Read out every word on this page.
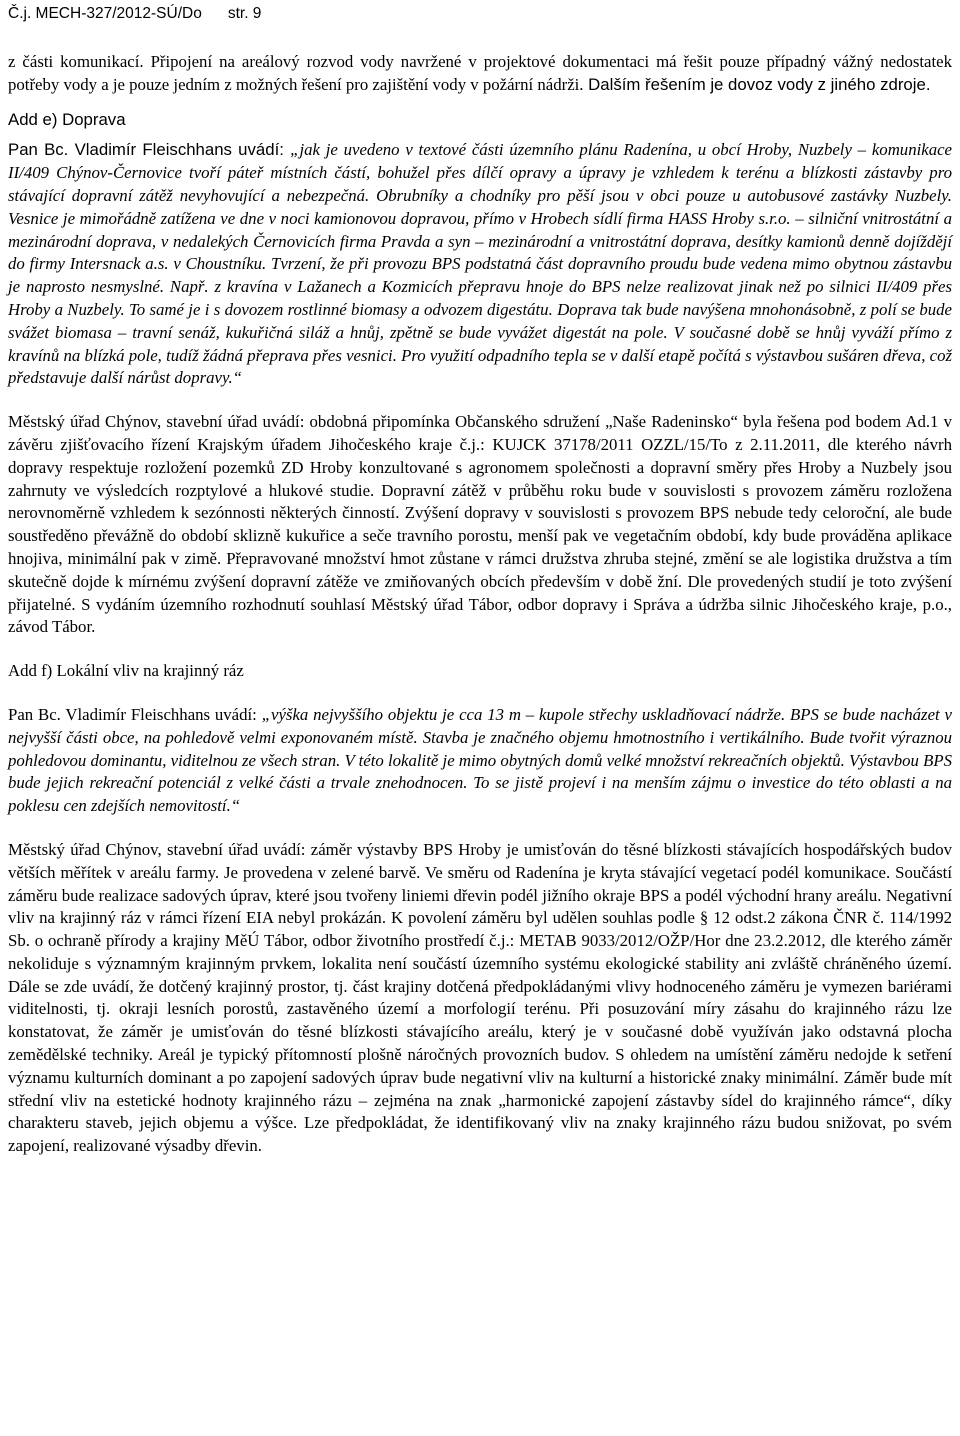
Č.j. MECH-327/2012-SÚ/Do str. 9

z části komunikací. Připojení na areálový rozvod vody navržené v projektové dokumentaci má řešit pouze případný vážný nedostatek potřeby vody a je pouze jedním z možných řešení pro zajištění vody v požární nádrži. Dalším řešením je dovoz vody z jiného zdroje.

Add e) Doprava

Pan Bc. Vladimír Fleischhans uvádí: „jak je uvedeno v textové části územního plánu Radenína, u obcí Hroby, Nuzbely – komunikace II/409 Chýnov-Černovice tvoří páteř místních částí, bohužel přes dílčí opravy a úpravy je vzhledem k terénu a blízkosti zástavby pro stávající dopravní zátěž nevyhovující a nebezpečná. Obrubníky a chodníky pro pěší jsou v obci pouze u autobusové zastávky Nuzbely. Vesnice je mimořádně zatížena ve dne v noci kamionovou dopravou, přímo v Hrobech sídlí firma HASS Hroby s.r.o. – silniční vnitrostátní a mezinárodní doprava, v nedalekých Černovicích firma Pravda a syn – mezinárodní a vnitrostátní doprava, desítky kamionů denně dojíždějí do firmy Intersnack a.s. v Choustníku. Tvrzení, že při provozu BPS podstatná část dopravního proudu bude vedena mimo obytnou zástavbu je naprosto nesmyslné. Např. z kravína v Lažanech a Kozmicích přepravu hnoje do BPS nelze realizovat jinak než po silnici II/409 přes Hroby a Nuzbely. To samé je i s dovozem rostlinné biomasy a odvozem digestátu. Doprava tak bude navýšena mnohonásobně, z polí se bude svážet biomasa – travní senáž, kukuřičná siláž a hnůj, zpětně se bude vyvážet digestát na pole. V současné době se hnůj vyváží přímo z kravínů na blízká pole, tudíž žádná přeprava přes vesnici. Pro využití odpadního tepla se v další etapě počítá s výstavbou sušáren dřeva, což představuje další nárůst dopravy.“

Městský úřad Chýnov, stavební úřad uvádí: obdobná připomínka Občanského sdružení „Naše Radeninsko“ byla řešena pod bodem Ad.1 v závěru zjišťovacího řízení Krajským úřadem Jihočeského kraje č.j.: KUJCK 37178/2011 OZZL/15/To z 2.11.2011, dle kterého návrh dopravy respektuje rozložení pozemků ZD Hroby konzultované s agronomem společnosti a dopravní směry přes Hroby a Nuzbely jsou zahrnuty ve výsledcích rozptylové a hlukové studie. Dopravní zátěž v průběhu roku bude v souvislosti s provozem záměru rozložena nerovnoměrně vzhledem k sezónnosti některých činností. Zvýšení dopravy v souvislosti s provozem BPS nebude tedy celoroční, ale bude soustředěno převážně do období sklizně kukuřice a seče travního porostu, menší pak ve vegetačním období, kdy bude prováděna aplikace hnojiva, minimální pak v zimě. Přepravované množství hmot zůstane v rámci družstva zhruba stejné, změní se ale logistika družstva a tím skutečně dojde k mírnému zvýšení dopravní zátěže ve zmiňovaných obcích především v době žní. Dle provedených studií je toto zvýšení přijatelné. S vydáním územního rozhodnutí souhlasí Městský úřad Tábor, odbor dopravy i Správa a údržba silnic Jihočeského kraje, p.o., závod Tábor.

Add f) Lokální vliv na krajinný ráz

Pan Bc. Vladimír Fleischhans uvádí: „výška nejvyššího objektu je cca 13 m – kupole střechy uskladňovací nádrže. BPS se bude nacházet v nejvyšší části obce, na pohledově velmi exponovaném místě. Stavba je značného objemu hmotnostního i vertikálního. Bude tvořit výraznou pohledovou dominantu, viditelnou ze všech stran. V této lokalitě je mimo obytných domů velké množství rekreačních objektů. Výstavbou BPS bude jejich rekreační potenciál z velké části a trvale znehodnocen. To se jistě projeví i na menším zájmu o investice do této oblasti a na poklesu cen zdejších nemovitostí.“

Městský úřad Chýnov, stavební úřad uvádí: záměr výstavby BPS Hroby je umisťován do těsné blízkosti stávajících hospodářských budov větších měřítek v areálu farmy. Je provedena v zelené barvě. Ve směru od Radenína je kryta stávající vegetací podél komunikace. Součástí záměru bude realizace sadových úprav, které jsou tvořeny liniemi dřevin podél jižního okraje BPS a podél východní hrany areálu. Negativní vliv na krajinný ráz v rámci řízení EIA nebyl prokázán. K povolení záměru byl udělen souhlas podle § 12 odst.2 zákona ČNR č. 114/1992 Sb. o ochraně přírody a krajiny MěÚ Tábor, odbor životního prostředí č.j.: METAB 9033/2012/OŽP/Hor dne 23.2.2012, dle kterého záměr nekoliduje s významným krajinným prvkem, lokalita není součástí územního systému ekologické stability ani zvláště chráněného území. Dále se zde uvádí, že dotčený krajinný prostor, tj. část krajiny dotčená předpokládanými vlivy hodnoceného záměru je vymezen bariérami viditelnosti, tj. okraji lesních porostů, zastavěného území a morfologií terénu. Při posuzování míry zásahu do krajinného rázu lze konstatovat, že záměr je umisťován do těsné blízkosti stávajícího areálu, který je v současné době využíván jako odstavná plocha zemědělské techniky. Areál je typický přítomností plošně náročných provozních budov. S ohledem na umístění záměru nedojde k setření významu kulturních dominant a po zapojení sadových úprav bude negativní vliv na kulturní a historické znaky minimální. Záměr bude mít střední vliv na estetické hodnoty krajinného rázu – zejména na znak „harmonické zapojení zástavby sídel do krajinného rámce“, díky charakteru staveb, jejich objemu a výšce. Lze předpokládat, že identifikovaný vliv na znaky krajinného rázu budou snižovat, po svém zapojení, realizované výsadby dřevin.
